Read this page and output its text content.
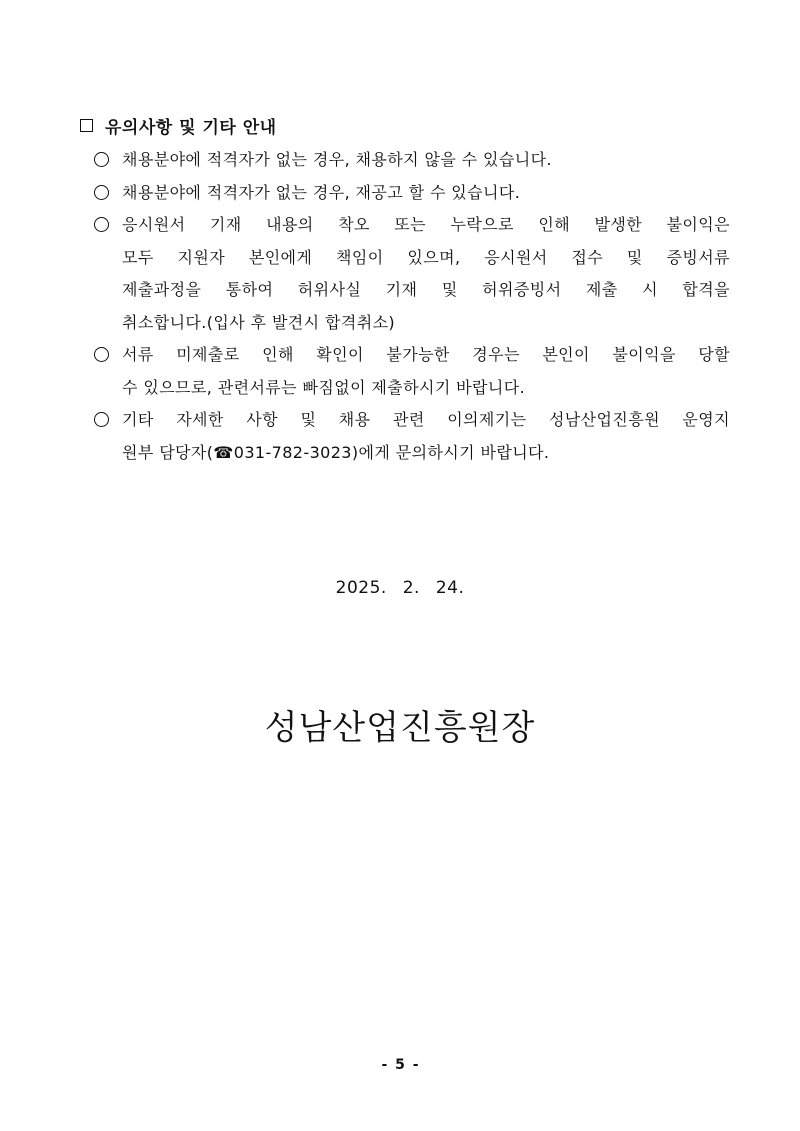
유의사항 및 기타 안내
채용분야에 적격자가 없는 경우, 채용하지 않을 수 있습니다.
채용분야에 적격자가 없는 경우, 재공고 할 수 있습니다.
응시원서 기재 내용의 착오 또는 누락으로 인해 발생한 불이익은
모두 지원자 본인에게 책임이 있으며, 응시원서 접수 및 증빙서류
제출과정을 통하여 허위사실 기재 및 허위증빙서 제출 시 합격을
취소합니다.(입사 후 발견시 합격취소)
서류 미제출로 인해 확인이 불가능한 경우는 본인이 불이익을 당할
수 있으므로, 관련서류는 빠짐없이 제출하시기 바랍니다.
기타 자세한 사항 및 채용 관련 이의제기는 성남산업진흥원 운영지
원부 담당자(☎031-782-3023)에게 문의하시기 바랍니다.
2025. 2. 24.
성남산업진흥원장
- 5 -
